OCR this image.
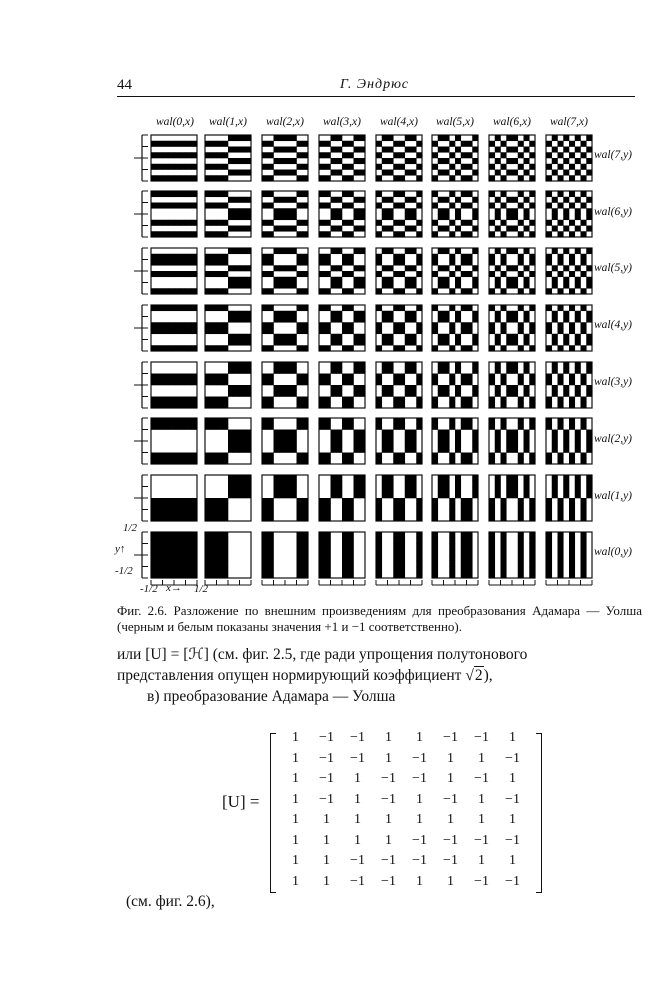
44	Г. Эндрюс
wal(0,x)	wal(1,x)	wal(2,x)	wal(3,x)	wal(4,x)	wal(5,x)	wal(6,x)	wal(7,x)
wal(7,y)
wal(6,y)
wal(5,y)
wal(4,y)
wal(3,y)
wal(2,y)
wal(1,y)
wal(0,y)
1/2
y↑
-1/2
-1/2 x→ 1/2
Фиг. 2.6. Разложение по внешним произведениям для преобразования Адамара — Уолша (черным и белым показаны значения +1 и −1 соответственно).
или [U] = [ℋ] (см. фиг. 2.5, где ради упрощения полутонового
представления опущен нормирующий коэффициент √2),
в) преобразование Адамара — Уолша
[U] =
1	−1	−1	1	1	−1	−1	1
1	−1	−1	1	−1	1	1	−1
1	−1	1	−1	−1	1	−1	1
1	−1	1	−1	1	−1	1	−1
1	1	1	1	1	1	1	1
1	1	1	1	−1	−1	−1	−1
1	1	−1	−1	−1	−1	1	1
1	1	−1	−1	1	1	−1	−1
(см. фиг. 2.6),
